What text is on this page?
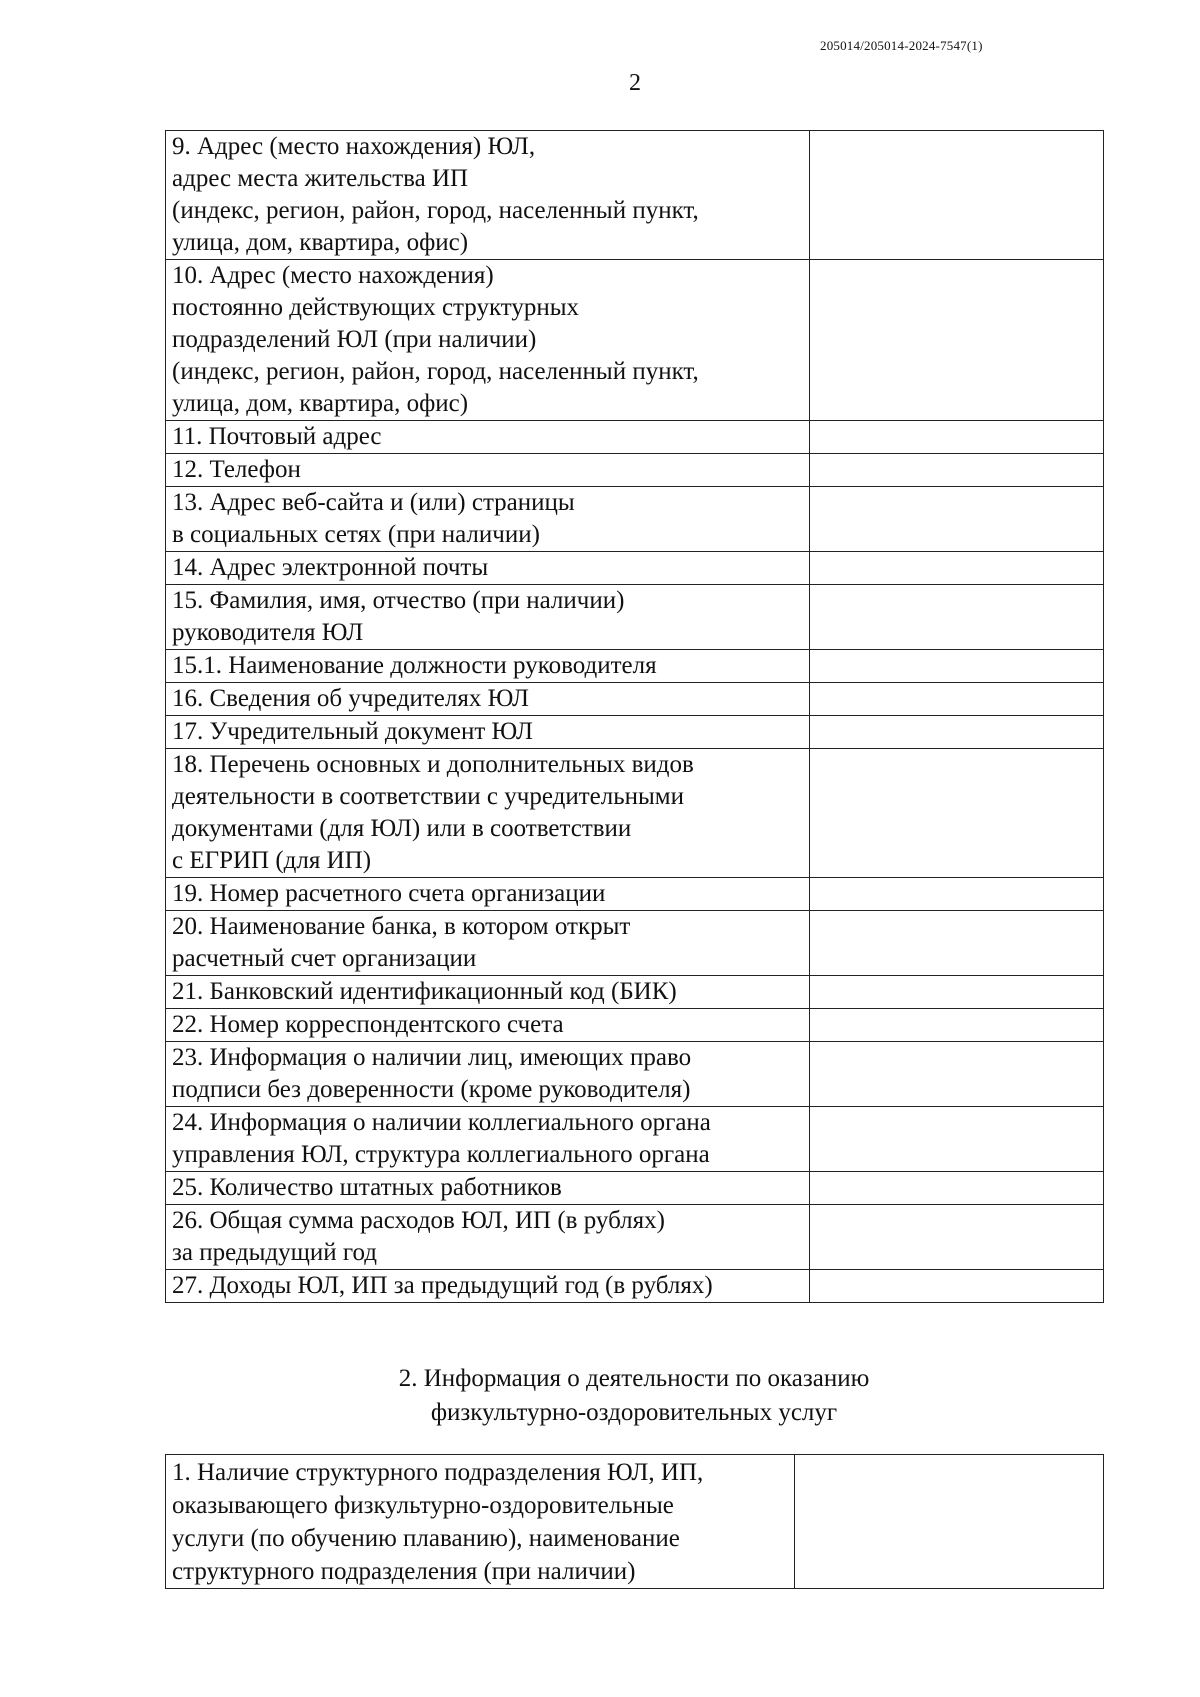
205014/205014-2024-7547(1)
2
9. Адрес (место нахождения) ЮЛ,
адрес места жительства ИП
(индекс, регион, район, город, населенный пункт,
улица, дом, квартира, офис)	
10. Адрес (место нахождения)
постоянно действующих структурных
подразделений ЮЛ (при наличии)
(индекс, регион, район, город, населенный пункт,
улица, дом, квартира, офис)	
11. Почтовый адрес	
12. Телефон	
13. Адрес веб-сайта и (или) страницы
в социальных сетях (при наличии)	
14. Адрес электронной почты	
15. Фамилия, имя, отчество (при наличии)
руководителя ЮЛ	
15.1. Наименование должности руководителя	
16. Сведения об учредителях ЮЛ	
17. Учредительный документ ЮЛ	
18. Перечень основных и дополнительных видов
деятельности в соответствии с учредительными
документами (для ЮЛ) или в соответствии
с ЕГРИП (для ИП)	
19. Номер расчетного счета организации	
20. Наименование банка, в котором открыт
расчетный счет организации	
21. Банковский идентификационный код (БИК)	
22. Номер корреспондентского счета	
23. Информация о наличии лиц, имеющих право
подписи без доверенности (кроме руководителя)	
24. Информация о наличии коллегиального органа
управления ЮЛ, структура коллегиального органа	
25. Количество штатных работников	
26. Общая сумма расходов ЮЛ, ИП (в рублях)
за предыдущий год	
27. Доходы ЮЛ, ИП за предыдущий год (в рублях)	
2. Информация о деятельности по оказанию
физкультурно-оздоровительных услуг
1. Наличие структурного подразделения ЮЛ, ИП,
оказывающего физкультурно-оздоровительные
услуги (по обучению плаванию), наименование
структурного подразделения (при наличии)	
